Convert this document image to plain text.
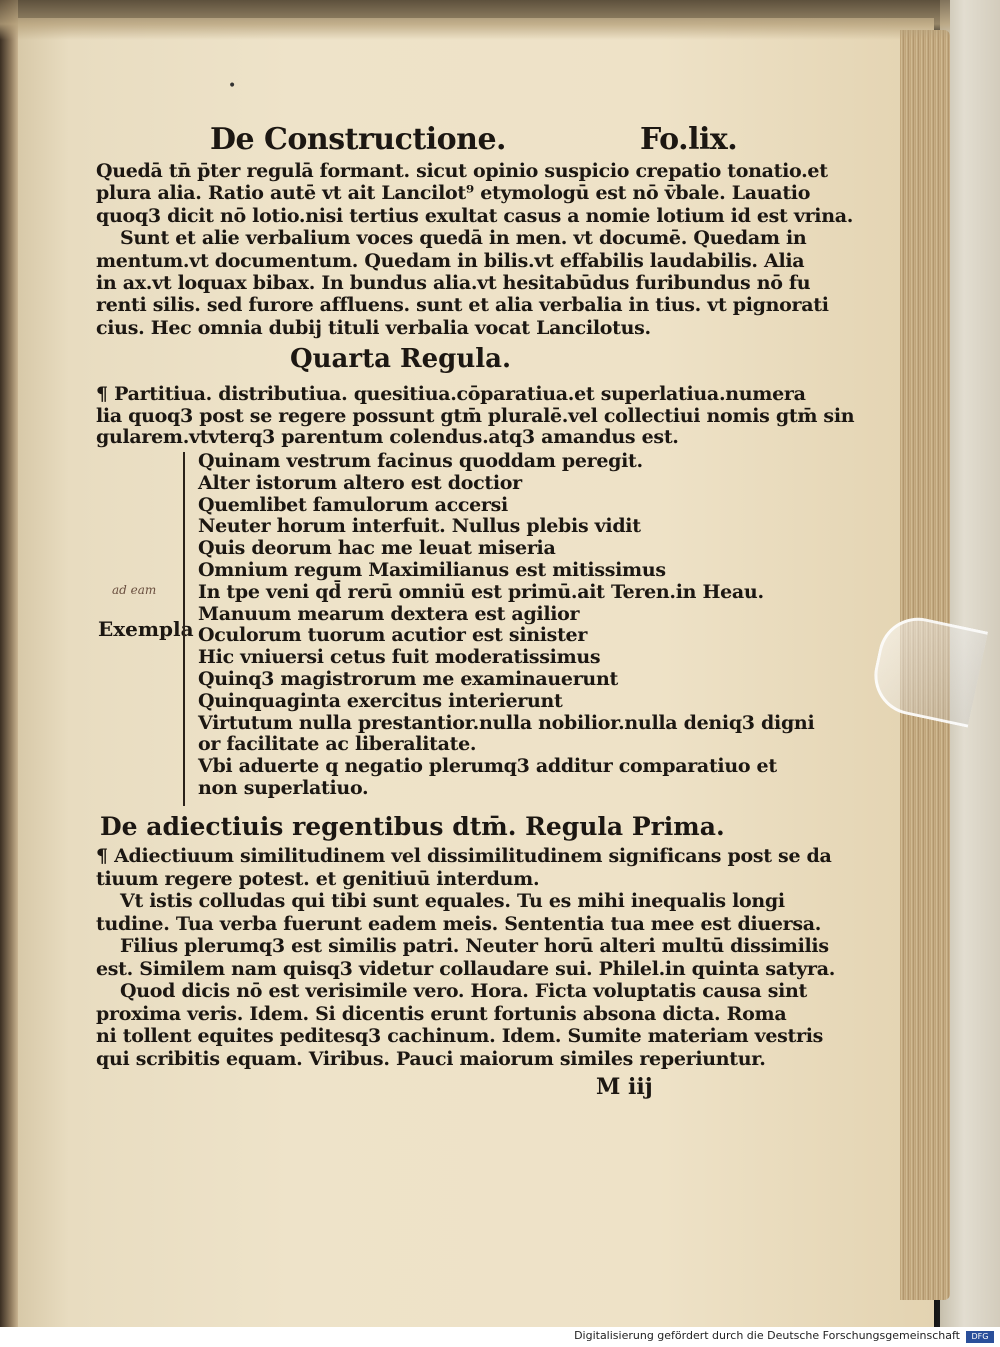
•
De Constructione.	Fo.lix.
Quedā tn̄ p̄ter regulā formant. sicut opinio suspicio crepatio tonatio.et
plura alia. Ratio autē vt ait Lancilot⁹ etymologū est nō v̄bale. Lauatio
quoq3 dicit nō lotio.nisi tertius exultat casus a nomie lotium id est vrina.
Sunt et alie verbalium voces quedā in men. vt documē. Quedam in
mentum.vt documentum. Quedam in bilis.vt effabilis laudabilis. Alia
in ax.vt loquax bibax. In bundus alia.vt hesitabūdus furibundus nō fu
renti silis. sed furore affluens. sunt et alia verbalia in tius. vt pignorati
cius. Hec omnia dubij tituli verbalia vocat Lancilotus.
Quarta Regula.
¶ Partitiua. distributiua. quesitiua.cōparatiua.et superlatiua.numera
lia quoq3 post se regere possunt gtm̄ pluralē.vel collectiui nomis gtm̄ sin
gularem.vtvterq3 parentum colendus.atq3 amandus est.
ad eam
Exempla
Quinam vestrum facinus quoddam peregit.
Alter istorum altero est doctior
Quemlibet famulorum accersi
Neuter horum interfuit. Nullus plebis vidit
Quis deorum hac me leuat miseria
Omnium regum Maximilianus est mitissimus
In tpe veni qd̄ rerū omniū est primū.ait Teren.in Heau.
Manuum mearum dextera est agilior
Oculorum tuorum acutior est sinister
Hic vniuersi cetus fuit moderatissimus
Quinq3 magistrorum me examinauerunt
Quinquaginta exercitus interierunt
Virtutum nulla prestantior.nulla nobilior.nulla deniq3 digni
or facilitate ac liberalitate.
Vbi aduerte q negatio plerumq3 additur comparatiuo et
non superlatiuo.
De adiectiuis regentibus dtm̄. Regula Prima.
¶ Adiectiuum similitudinem vel dissimilitudinem significans post se da
tiuum regere potest. et genitiuū interdum.
Vt istis colludas qui tibi sunt equales. Tu es mihi inequalis longi
tudine. Tua verba fuerunt eadem meis. Sententia tua mee est diuersa.
Filius plerumq3 est similis patri. Neuter horū alteri multū dissimilis
est. Similem nam quisq3 videtur collaudare sui. Philel.in quinta satyra.
Quod dicis nō est verisimile vero. Hora. Ficta voluptatis causa sint
proxima veris. Idem. Si dicentis erunt fortunis absona dicta. Roma
ni tollent equites peditesq3 cachinum. Idem. Sumite materiam vestris
qui scribitis equam. Viribus. Pauci maiorum similes reperiuntur.
M iij
Digitalisierung gefördert durch die Deutsche Forschungsgemeinschaft	DFG
